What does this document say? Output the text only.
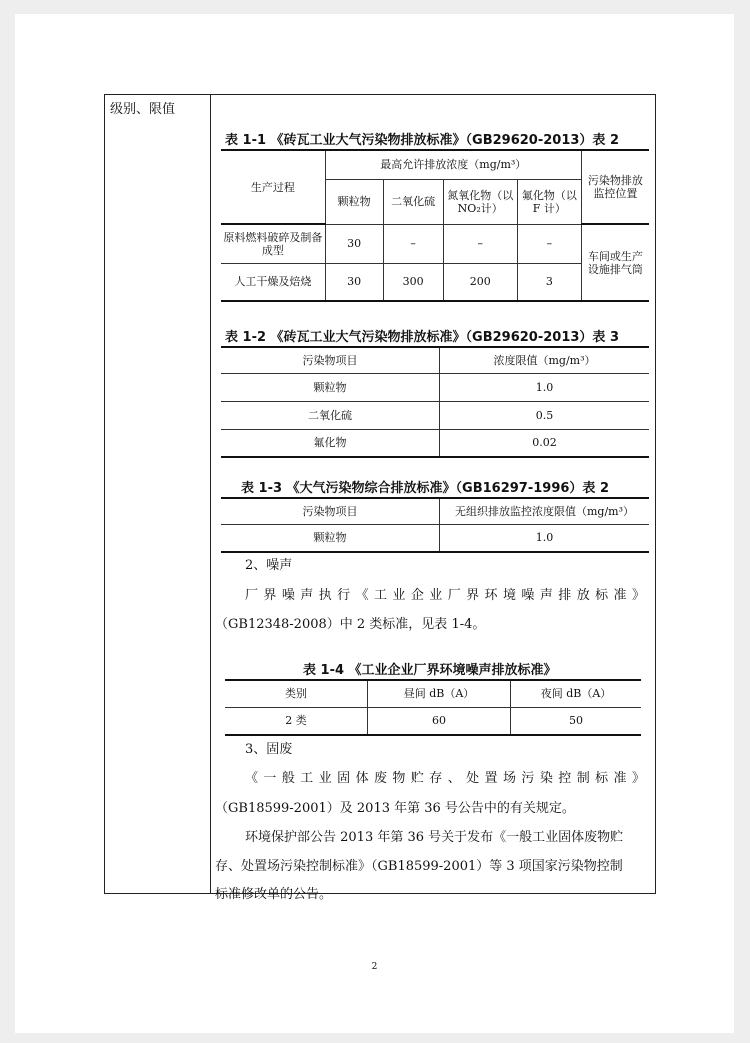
级别、限值
表 1-1 《砖瓦工业大气污染物排放标准》（GB29620-2013）表 2
生产过程	最高允许排放浓度（mg/m³）				污染物排放监控位置
	颗粒物	二氧化硫	氮氧化物（以 NO₂计）	氟化物（以 F 计）	
原料燃料破碎及制备成型	30	–	–	–	车间或生产设施排气筒
人工干燥及焙烧	30	300	200	3	
表 1-2 《砖瓦工业大气污染物排放标准》（GB29620-2013）表 3
污染物项目	浓度限值（mg/m³）
颗粒物	1.0
二氧化硫	0.5
氟化物	0.02
表 1-3 《大气污染物综合排放标准》（GB16297-1996）表 2
污染物项目	无组织排放监控浓度限值（mg/m³）
颗粒物	1.0
2、噪声
厂界噪声执行《工业企业厂界环境噪声排放标准》
（GB12348-2008）中 2 类标准，见表 1-4。
表 1-4 《工业企业厂界环境噪声排放标准》
类别	昼间 dB（A）	夜间 dB（A）
2 类	60	50
3、固废
《一般工业固体废物贮存、处置场污染控制标准》
（GB18599-2001）及 2013 年第 36 号公告中的有关规定。
环境保护部公告 2013 年第 36 号关于发布《一般工业固体废物贮
存、处置场污染控制标准》（GB18599-2001）等 3 项国家污染物控制
标准修改单的公告。
2
